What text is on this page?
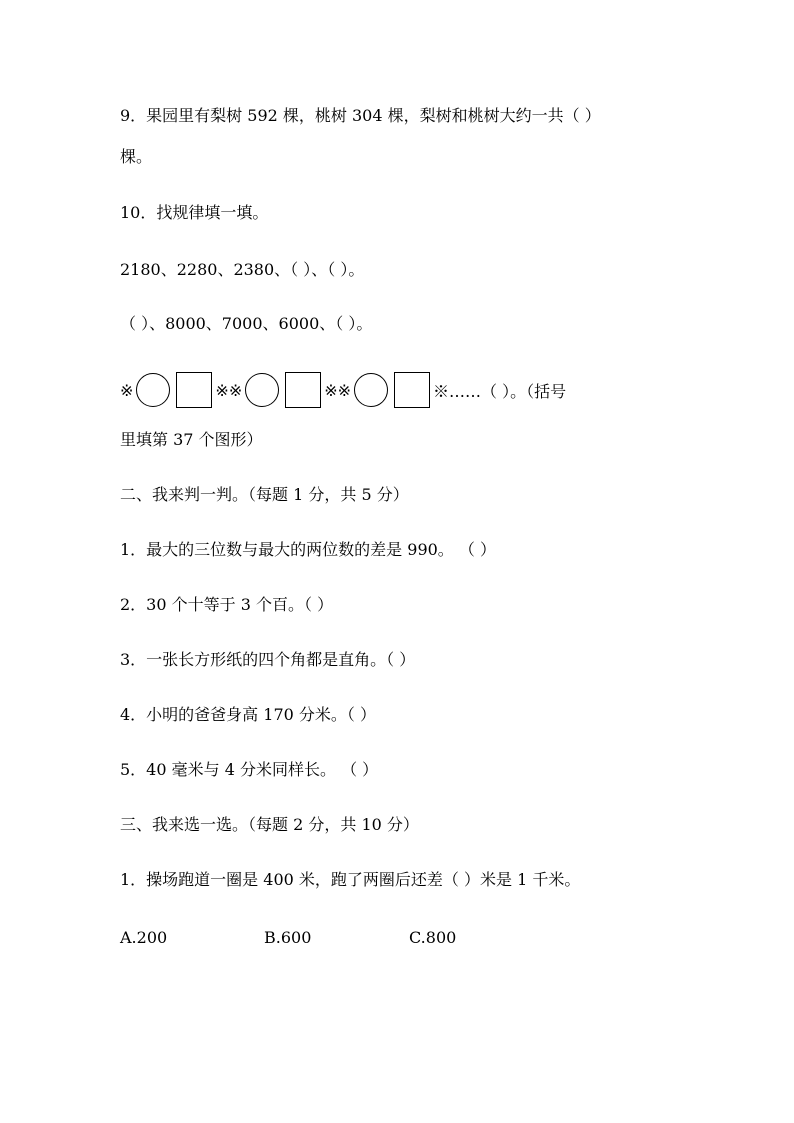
9．果园里有梨树 592 棵，桃树 304 棵，梨树和桃树大约一共（ ）
棵。
10．找规律填一填。
2180、2280、2380、（ ）、（ ）。
（ ）、8000、7000、6000、（ ）。
※	※※	※※	※……（ ）。（括号
里填第 37 个图形）
二、我来判一判。（每题 1 分，共 5 分）
1．最大的三位数与最大的两位数的差是 990。 （ ）
2．30 个十等于 3 个百。（ ）
3．一张长方形纸的四个角都是直角。（ ）
4．小明的爸爸身高 170 分米。（ ）
5．40 毫米与 4 分米同样长。 （ ）
三、我来选一选。（每题 2 分，共 10 分）
1．操场跑道一圈是 400 米，跑了两圈后还差（ ）米是 1 千米。
A.200	B.600	C.800
